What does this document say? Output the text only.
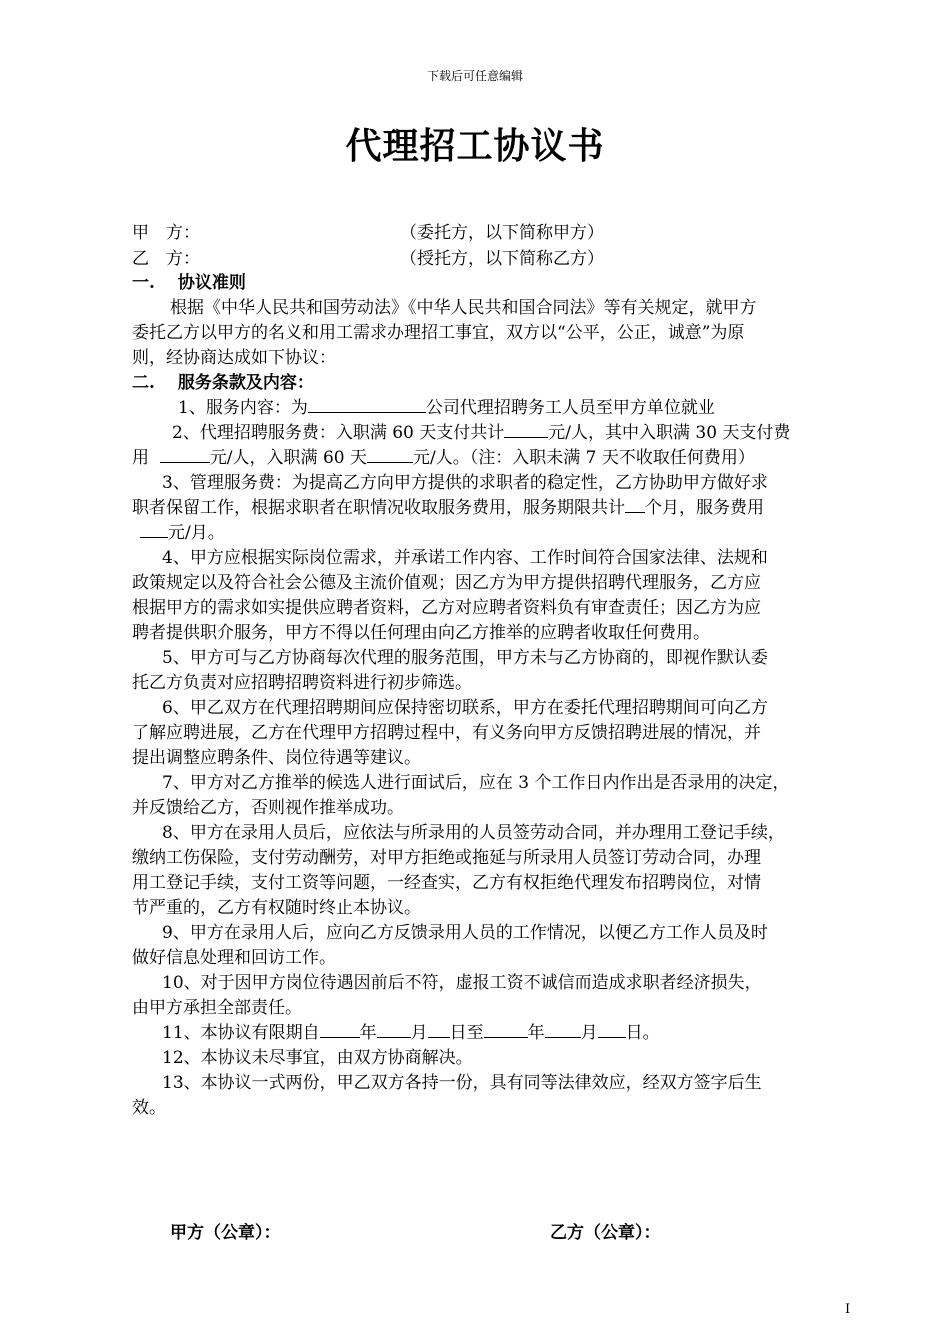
下载后可任意编辑
代理招工协议书
甲　方：	（委托方，以下简称甲方）
乙　方：	（授托方，以下简称乙方）
一.　 协议准则
根据《中华人民共和国劳动法》《中华人民共和国合同法》等有关规定，就甲方
委托乙方以甲方的名义和用工需求办理招工事宜，双方以“公平，公正，诚意”为原
则，经协商达成如下协议：
二.　 服务条款及内容：
1、服务内容：为	公司代理招聘务工人员至甲方单位就业
2、代理招聘服务费：入职满 60 天支付共计	元/人，其中入职满 30 天支付费
用	元/人，入职满 60 天	元/人。（注：入职未满 7 天不收取任何费用）
3、管理服务费：为提高乙方向甲方提供的求职者的稳定性，乙方协助甲方做好求
职者保留工作，根据求职者在职情况收取服务费用，服务期限共计 个月，服务费用
元/月。
4、甲方应根据实际岗位需求，并承诺工作内容、工作时间符合国家法律、法规和
政策规定以及符合社会公德及主流价值观；因乙方为甲方提供招聘代理服务，乙方应
根据甲方的需求如实提供应聘者资料，乙方对应聘者资料负有审查责任；因乙方为应
聘者提供职介服务，甲方不得以任何理由向乙方推举的应聘者收取任何费用。
5、甲方可与乙方协商每次代理的服务范围，甲方未与乙方协商的，即视作默认委
托乙方负责对应招聘招聘资料进行初步筛选。
6、甲乙双方在代理招聘期间应保持密切联系，甲方在委托代理招聘期间可向乙方
了解应聘进展，乙方在代理甲方招聘过程中，有义务向甲方反馈招聘进展的情况，并
提出调整应聘条件、岗位待遇等建议。
7、甲方对乙方推举的候选人进行面试后，应在 3 个工作日内作出是否录用的决定，
并反馈给乙方，否则视作推举成功。
8、甲方在录用人员后，应依法与所录用的人员签劳动合同，并办理用工登记手续，
缴纳工伤保险，支付劳动酬劳，对甲方拒绝或拖延与所录用人员签订劳动合同，办理
用工登记手续，支付工资等问题，一经查实，乙方有权拒绝代理发布招聘岗位，对情
节严重的，乙方有权随时终止本协议。
9、甲方在录用人后，应向乙方反馈录用人员的工作情况，以便乙方工作人员及时
做好信息处理和回访工作。
10、对于因甲方岗位待遇因前后不符，虚报工资不诚信而造成求职者经济损失，
由甲方承担全部责任。
11、本协议有限期自 年 月 日至	年 月 日。
12、本协议未尽事宜，由双方协商解决。
13、本协议一式两份，甲乙双方各持一份，具有同等法律效应，经双方签字后生
效。
甲方（公章）：	乙方（公章）：
I
